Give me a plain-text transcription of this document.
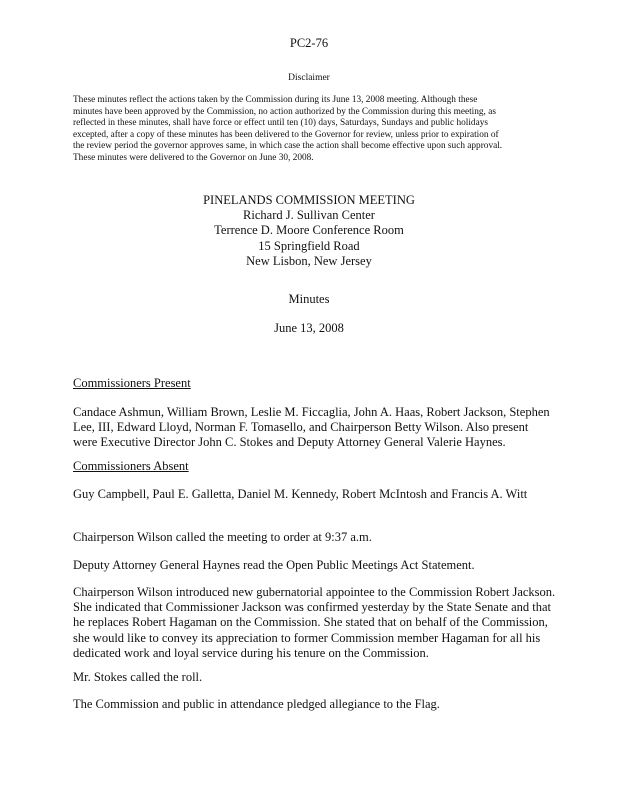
PC2-76
Disclaimer
These minutes reflect the actions taken by the Commission during its June 13, 2008 meeting. Although these
minutes have been approved by the Commission, no action authorized by the Commission during this meeting, as
reflected in these minutes, shall have force or effect until ten (10) days, Saturdays, Sundays and public holidays
excepted, after a copy of these minutes has been delivered to the Governor for review, unless prior to expiration of
the review period the governor approves same, in which case the action shall become effective upon such approval.
These minutes were delivered to the Governor on June 30, 2008.
PINELANDS COMMISSION MEETING
Richard J. Sullivan Center
Terrence D. Moore Conference Room
15 Springfield Road
New Lisbon, New Jersey
Minutes
June 13, 2008
Commissioners Present
Candace Ashmun, William Brown, Leslie M. Ficcaglia, John A. Haas, Robert Jackson, Stephen
Lee, III, Edward Lloyd, Norman F. Tomasello, and Chairperson Betty Wilson. Also present
were Executive Director John C. Stokes and Deputy Attorney General Valerie Haynes.
Commissioners Absent
Guy Campbell, Paul E. Galletta, Daniel M. Kennedy, Robert McIntosh and Francis A. Witt
Chairperson Wilson called the meeting to order at 9:37 a.m.
Deputy Attorney General Haynes read the Open Public Meetings Act Statement.
Chairperson Wilson introduced new gubernatorial appointee to the Commission Robert Jackson.
She indicated that Commissioner Jackson was confirmed yesterday by the State Senate and that
he replaces Robert Hagaman on the Commission. She stated that on behalf of the Commission,
she would like to convey its appreciation to former Commission member Hagaman for all his
dedicated work and loyal service during his tenure on the Commission.
Mr. Stokes called the roll.
The Commission and public in attendance pledged allegiance to the Flag.
